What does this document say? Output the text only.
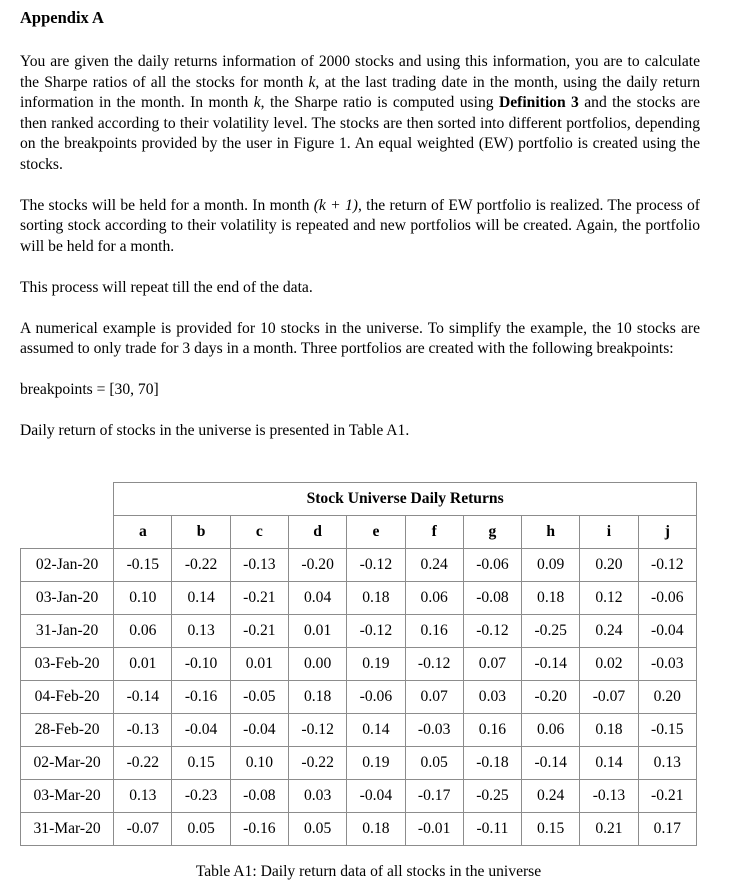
Appendix A

You are given the daily returns information of 2000 stocks and using this information, you are to calculate the Sharpe ratios of all the stocks for month k, at the last trading date in the month, using the daily return information in the month. In month k, the Sharpe ratio is computed using Definition 3 and the stocks are then ranked according to their volatility level. The stocks are then sorted into different portfolios, depending on the breakpoints provided by the user in Figure 1. An equal weighted (EW) portfolio is created using the stocks.

The stocks will be held for a month. In month (k + 1), the return of EW portfolio is realized. The process of sorting stock according to their volatility is repeated and new portfolios will be created. Again, the portfolio will be held for a month.

This process will repeat till the end of the data.

A numerical example is provided for 10 stocks in the universe. To simplify the example, the 10 stocks are assumed to only trade for 3 days in a month. Three portfolios are created with the following breakpoints:

breakpoints = [30, 70]

Daily return of stocks in the universe is presented in Table A1.

	Stock Universe Daily Returns									
	a	b	c	d	e	f	g	h	i	j
02-Jan-20	-0.15	-0.22	-0.13	-0.20	-0.12	0.24	-0.06	0.09	0.20	-0.12
03-Jan-20	0.10	0.14	-0.21	0.04	0.18	0.06	-0.08	0.18	0.12	-0.06
31-Jan-20	0.06	0.13	-0.21	0.01	-0.12	0.16	-0.12	-0.25	0.24	-0.04
03-Feb-20	0.01	-0.10	0.01	0.00	0.19	-0.12	0.07	-0.14	0.02	-0.03
04-Feb-20	-0.14	-0.16	-0.05	0.18	-0.06	0.07	0.03	-0.20	-0.07	0.20
28-Feb-20	-0.13	-0.04	-0.04	-0.12	0.14	-0.03	0.16	0.06	0.18	-0.15
02-Mar-20	-0.22	0.15	0.10	-0.22	0.19	0.05	-0.18	-0.14	0.14	0.13
03-Mar-20	0.13	-0.23	-0.08	0.03	-0.04	-0.17	-0.25	0.24	-0.13	-0.21
31-Mar-20	-0.07	0.05	-0.16	0.05	0.18	-0.01	-0.11	0.15	0.21	0.17
Table A1: Daily return data of all stocks in the universe
